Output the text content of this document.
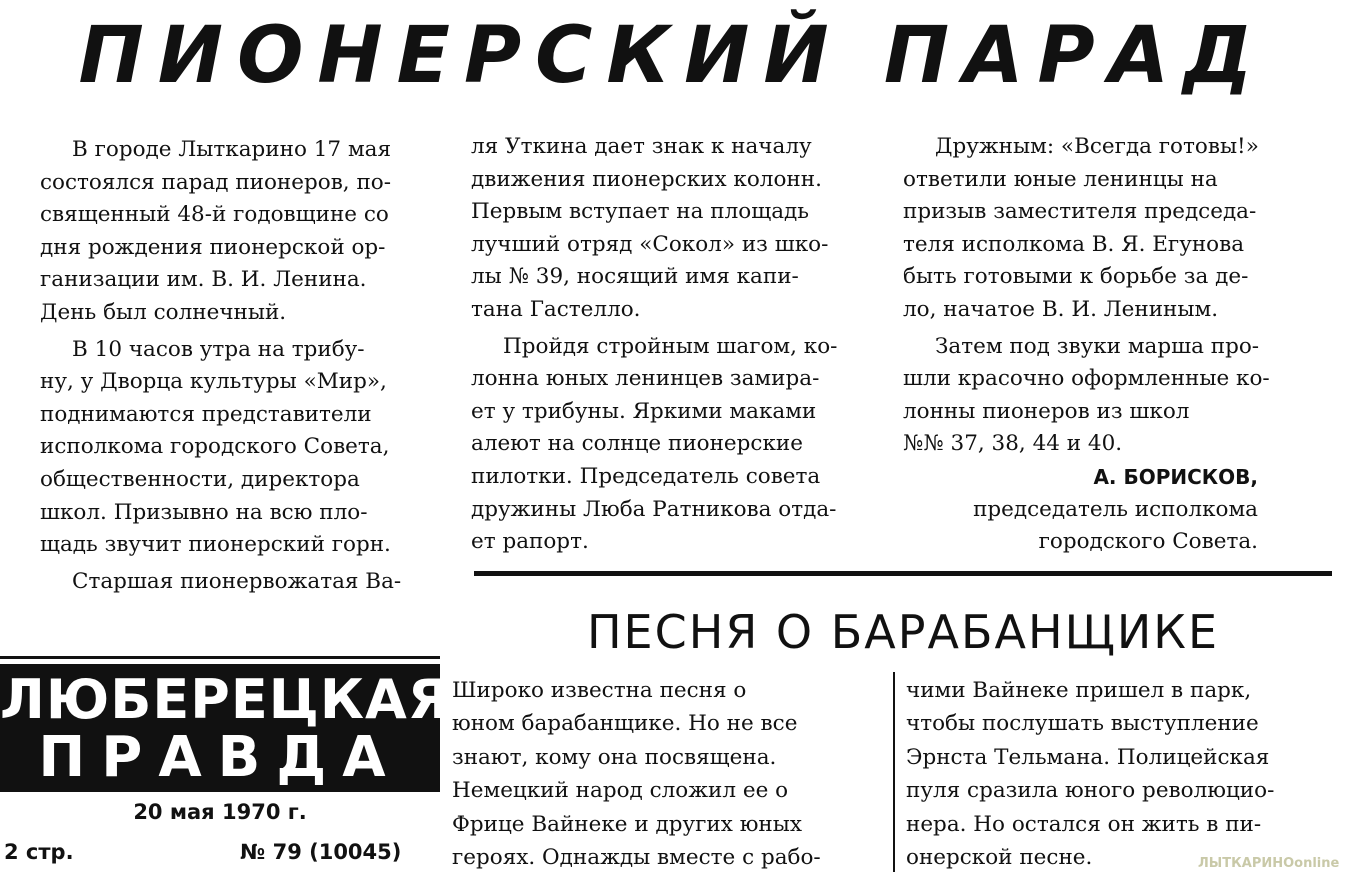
ПИОНЕРСКИЙ ПАРАД

В городе Лыткарино 17 мая
состоялся парад пионеров, по-
священный 48-й годовщине со
дня рождения пионерской ор-
ганизации им. В. И. Ленина.
День был солнечный.

В 10 часов утра на трибу-
ну, у Дворца культуры «Мир»,
поднимаются представители
исполкома городского Совета,
общественности, директора
школ. Призывно на всю пло-
щадь звучит пионерский горн.

Старшая пионервожатая Ва-

ля Уткина дает знак к началу
движения пионерских колонн.
Первым вступает на площадь
лучший отряд «Сокол» из шко-
лы № 39, носящий имя капи-
тана Гастелло.

Пройдя стройным шагом, ко-
лонна юных ленинцев замира-
ет у трибуны. Яркими маками
алеют на солнце пионерские
пилотки. Председатель совета
дружины Люба Ратникова отда-
ет рапорт.

Дружным: «Всегда готовы!»
ответили юные ленинцы на
призыв заместителя председа-
теля исполкома В. Я. Егунова
быть готовыми к борьбе за де-
ло, начатое В. И. Лениным.

Затем под звуки марша про-
шли красочно оформленные ко-
лонны пионеров из школ
№№ 37, 38, 44 и 40.

А. БОРИСКОВ,

председатель исполкома
городского Совета.

ПЕСНЯ О БАРАБАНЩИКЕ
Широко известна песня о
юном барабанщике. Но не все
знают, кому она посвящена.
Немецкий народ сложил ее о
Фрице Вайнеке и других юных
героях. Однажды вместе с рабо-
чими Вайнеке пришел в парк,
чтобы послушать выступление
Эрнста Тельмана. Полицейская
пуля сразила юного революцио-
нера. Но остался он жить в пи-
онерской песне.
ЛЮБЕРЕЦКАЯ
ПРАВДА
20 мая 1970 г.
2 стр.	№ 79 (10045)	ЛЫТКАРИНОonline
